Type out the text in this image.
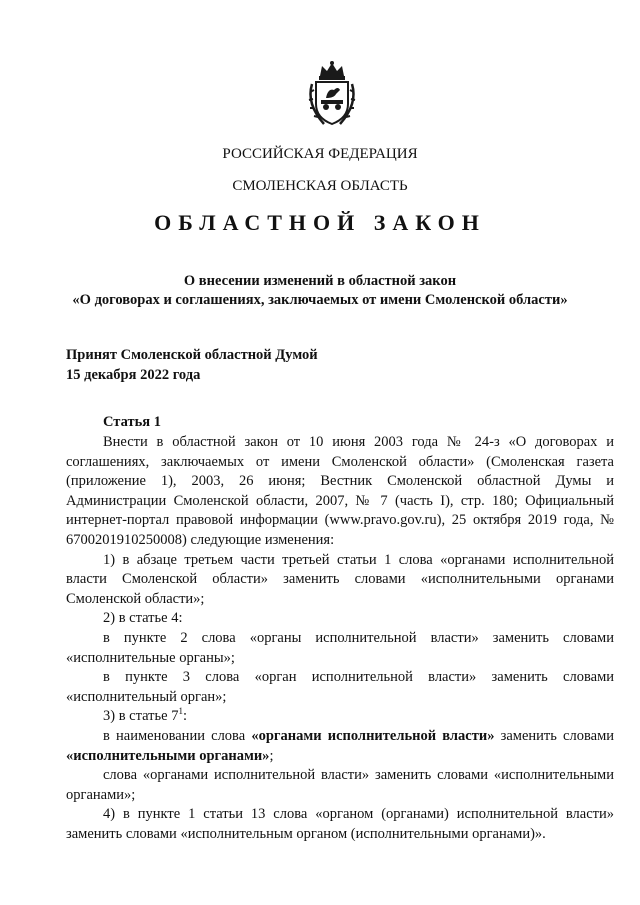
РОССИЙСКАЯ ФЕДЕРАЦИЯ
СМОЛЕНСКАЯ ОБЛАСТЬ
ОБЛАСТНОЙ ЗАКОН
О внесении изменений в областной закон
«О договорах и соглашениях, заключаемых от имени Смоленской области»
Принят Смоленской областной Думой
15 декабря 2022 года
Статья 1

Внести в областной закон от 10 июня 2003 года № 24-з «О договорах и соглашениях, заключаемых от имени Смоленской области» (Смоленская газета (приложение 1), 2003, 26 июня; Вестник Смоленской областной Думы и Администрации Смоленской области, 2007, № 7 (часть I), стр. 180; Официальный интернет-портал правовой информации (www.pravo.gov.ru), 25 октября 2019 года, № 6700201910250008) следующие изменения:

1) в абзаце третьем части третьей статьи 1 слова «органами исполнительной власти Смоленской области» заменить словами «исполнительными органами Смоленской области»;

2) в статье 4:

в пункте 2 слова «органы исполнительной власти» заменить словами «исполнительные органы»;

в пункте 3 слова «орган исполнительной власти» заменить словами «исполнительный орган»;

3) в статье $7^1$:

в наименовании слова «органами исполнительной власти» заменить словами «исполнительными органами»;

слова «органами исполнительной власти» заменить словами «исполнительными органами»;

4) в пункте 1 статьи 13 слова «органом (органами) исполнительной власти» заменить словами «исполнительным органом (исполнительными органами)».
